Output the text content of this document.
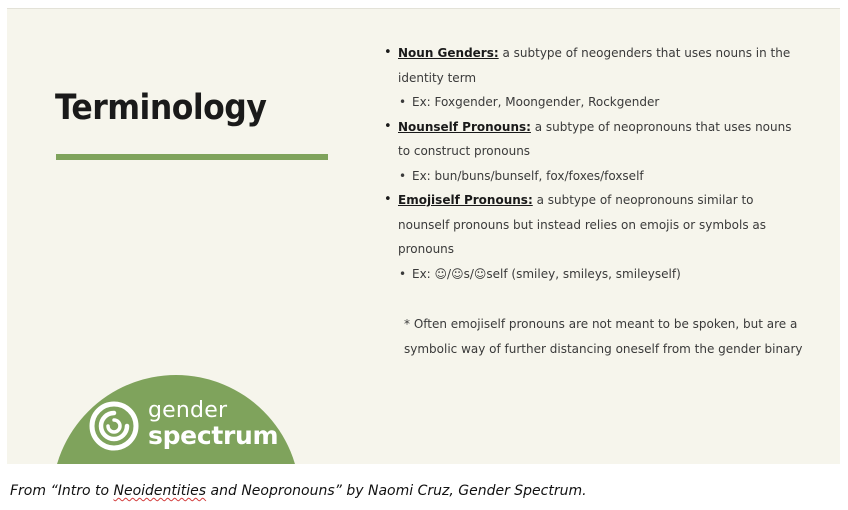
Terminology
• Noun Genders: a subtype of neogenders that uses nouns in the identity term
• Ex: Foxgender, Moongender, Rockgender
• Nounself Pronouns: a subtype of neopronouns that uses nouns to construct pronouns
• Ex: bun/buns/bunself, fox/foxes/foxself
• Emojiself Pronouns: a subtype of neopronouns similar to nounself pronouns but instead relies on emojis or symbols as pronouns
• Ex: ☺/☺s/☺self (smiley, smileys, smileyself)
* Often emojiself pronouns are not meant to be spoken, but are a symbolic way of further distancing oneself from the gender binary
gender
spectrum
From “Intro to Neoidentities and Neopronouns” by Naomi Cruz, Gender Spectrum.
